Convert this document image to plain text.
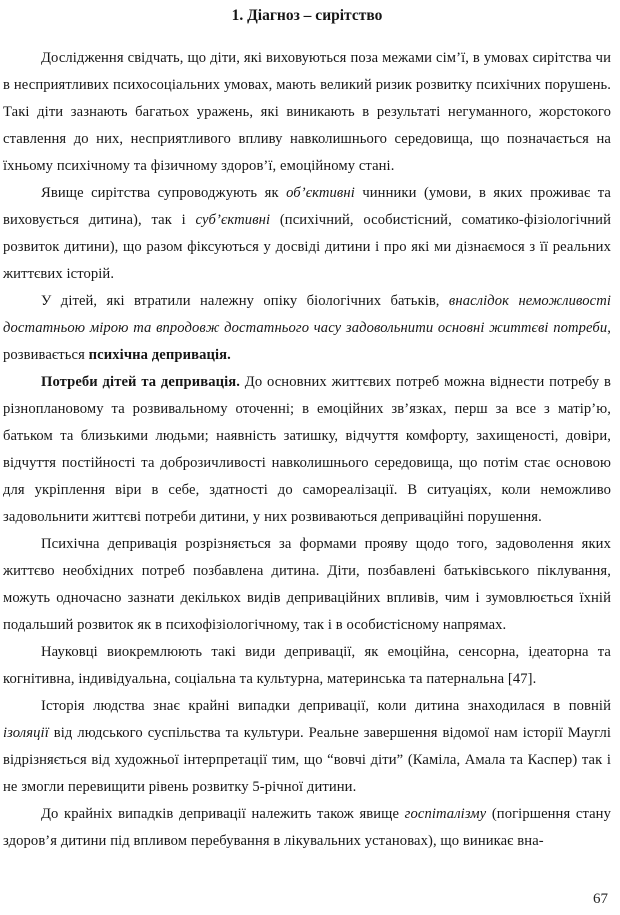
1. Діагноз – сирітство

Дослідження свідчать, що діти, які виховуються поза межами сім’ї, в умовах сирітства чи в несприятливих психосоціальних умовах, мають великий ризик розвитку психічних порушень. Такі діти зазнають багатьох уражень, які виникають в результаті негуманного, жорстокого ставлення до них, несприятливого впливу навколишнього середовища, що позначається на їхньому психічному та фізичному здоров’ї, емоційному стані.

Явище сирітства супроводжують як об’єктивні чинники (умови, в яких проживає та виховується дитина), так і суб’єктивні (психічний, особистісний, соматико-фізіологічний розвиток дитини), що разом фіксуються у досвіді дитини і про які ми дізнаємося з її реальних життєвих історій.

У дітей, які втратили належну опіку біологічних батьків, внаслідок неможливості достатньою мірою та впродовж достатнього часу задовольнити основні життєві потреби, розвивається психічна депривація.

Потреби дітей та депривація. До основних життєвих потреб можна віднести потребу в різноплановому та розвивальному оточенні; в емоційних зв’язках, перш за все з матір’ю, батьком та близькими людьми; наявність затишку, відчуття комфорту, захищеності, довіри, відчуття постійності та доброзичливості навколишнього середовища, що потім стає основою для укріплення віри в себе, здатності до самореалізації. В ситуаціях, коли неможливо задовольнити життєві потреби дитини, у них розвиваються деприваційні порушення.

Психічна депривація розрізняється за формами прояву щодо того, задоволення яких життєво необхідних потреб позбавлена дитина. Діти, позбавлені батьківського піклування, можуть одночасно зазнати декількох видів деприваційних впливів, чим і зумовлюється їхній подальший розвиток як в психофізіологічному, так і в особистісному напрямах.

Науковці виокремлюють такі види депривації, як емоційна, сенсорна, ідеаторна та когнітивна, індивідуальна, соціальна та культурна, материнська та патернальна [47].

Історія людства знає крайні випадки депривації, коли дитина знаходилася в повній ізоляції від людського суспільства та культури. Реальне завершення відомої нам історії Мауглі відрізняється від художньої інтерпретації тим, що “вовчі діти” (Каміла, Амала та Каспер) так і не змогли перевищити рівень розвитку 5-річної дитини.

До крайніх випадків депривації належить також явище госпіталізму (погіршення стану здоров’я дитини під впливом перебування в лікувальних установах), що виникає вна-

67
